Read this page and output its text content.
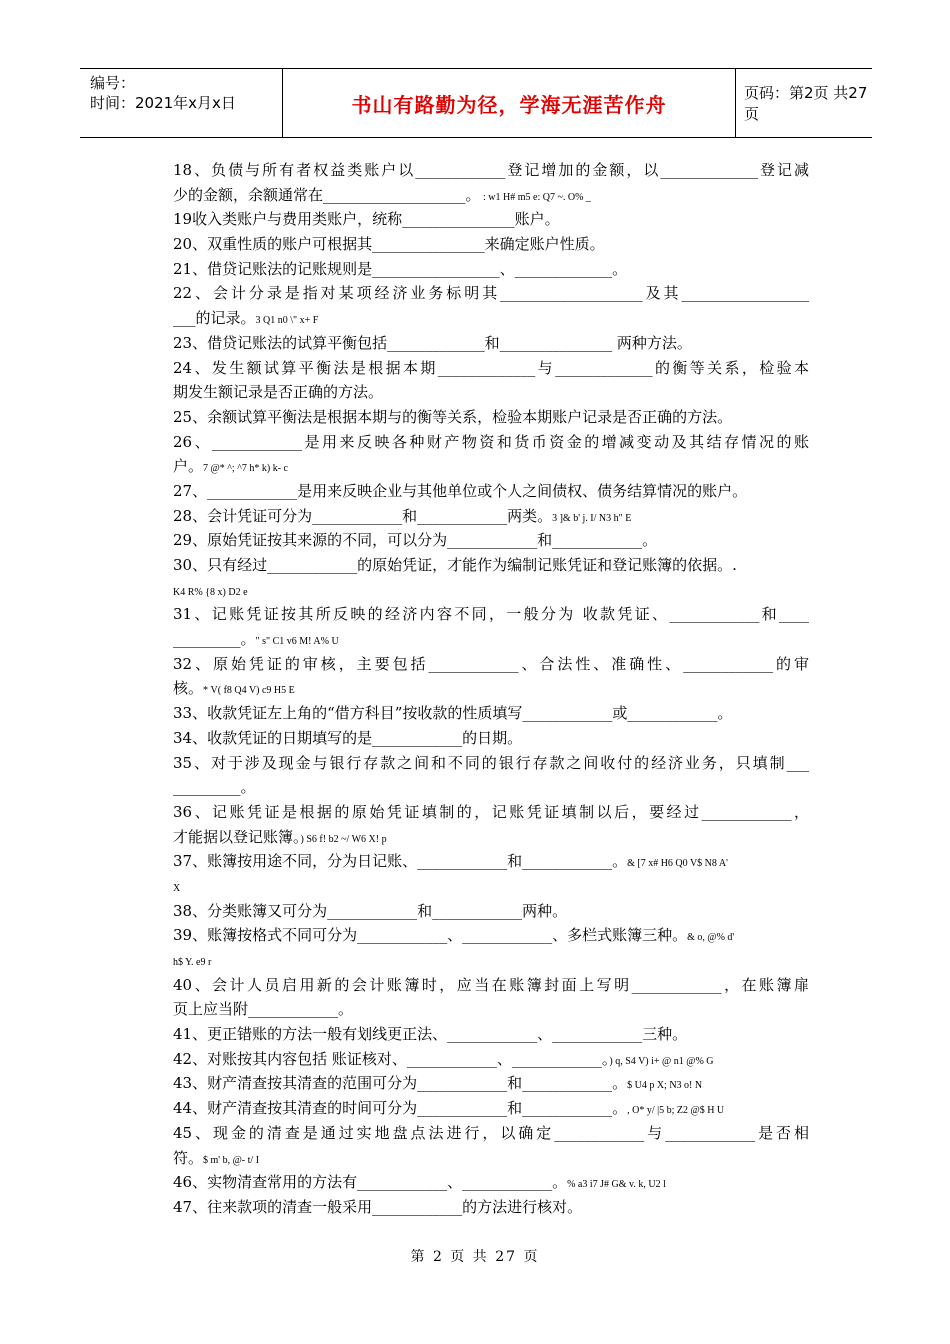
编号：
时间：2021年x月x日	书山有路勤为径，学海无涯苦作舟	页码：第2页 共27页
18、负债与所有者权益类账户以____________登记增加的金额，以_____________登记减
少的金额，余额通常在___________________。 : w1 H# m5 e: Q7 ~. O% _
19收入类账户与费用类账户，统称_______________账户。
20、双重性质的账户可根据其_______________来确定账户性质。
21、借贷记账法的记账规则是_________________、_____________。
22、会计分录是指对某项经济业务标明其___________________及其_________________
___的记录。3 Q1 n0 \" x+ F
23、借贷记账法的试算平衡包括_____________和_______________ 两种方法。
24、发生额试算平衡法是根据本期_____________与_____________的衡等关系，检验本
期发生额记录是否正确的方法。
25、余额试算平衡法是根据本期与的衡等关系，检验本期账户记录是否正确的方法。
26、____________是用来反映各种财产物资和货币资金的增减变动及其结存情况的账
户。7 @* ^; ^7 h* k) k- c
27、____________是用来反映企业与其他单位或个人之间债权、债务结算情况的账户。
28、会计凭证可分为____________和____________两类。3 ]& b' j. I/ N3 h" E
29、原始凭证按其来源的不同，可以分为____________和____________。
30、只有经过____________的原始凭证，才能作为编制记账凭证和登记账簿的依据。.
K4 R% {8 x) D2 e
31、记账凭证按其所反映的经济内容不同，一般分为 收款凭证、____________和____
_________。" s" C1 v6 M! A% U
32、原始凭证的审核，主要包括____________、合法性、准确性、____________的审
核。* V( f8 Q4 V) c9 H5 E
33、收款凭证左上角的“借方科目”按收款的性质填写____________或____________。
34、收款凭证的日期填写的是____________的日期。
35、对于涉及现金与银行存款之间和不同的银行存款之间收付的经济业务，只填制___
_________。
36、记账凭证是根据的原始凭证填制的，记账凭证填制以后，要经过____________，
才能据以登记账簿。) S6 f! b2 ~/ W6 X! p
37、账簿按用途不同，分为日记账、____________和____________。& [7 x# H6 Q0 V$ N8 A'
X
38、分类账簿又可分为____________和____________两种。
39、账簿按格式不同可分为____________、____________、多栏式账簿三种。& o, @% d'
h$ Y. e9 r
40、会计人员启用新的会计账簿时，应当在账簿封面上写明____________，在账簿扉
页上应当附____________。
41、更正错账的方法一般有划线更正法、____________、____________三种。
42、对账按其内容包括 账证核对、____________、____________。) q, S4 V) i+ @ n1 @% G
43、财产清查按其清查的范围可分为____________和____________。$ U4 p X; N3 o! N
44、财产清查按其清查的时间可分为____________和____________。, O* y/ |5 b; Z2 @$ H U
45、现金的清查是通过实地盘点法进行，以确定____________与____________是否相
符。$ m' b, @- t/ I
46、实物清查常用的方法有____________、____________。% a3 i7 J# G& v. k, U2 l
47、往来款项的清查一般采用____________的方法进行核对。
第 2 页 共 27 页
